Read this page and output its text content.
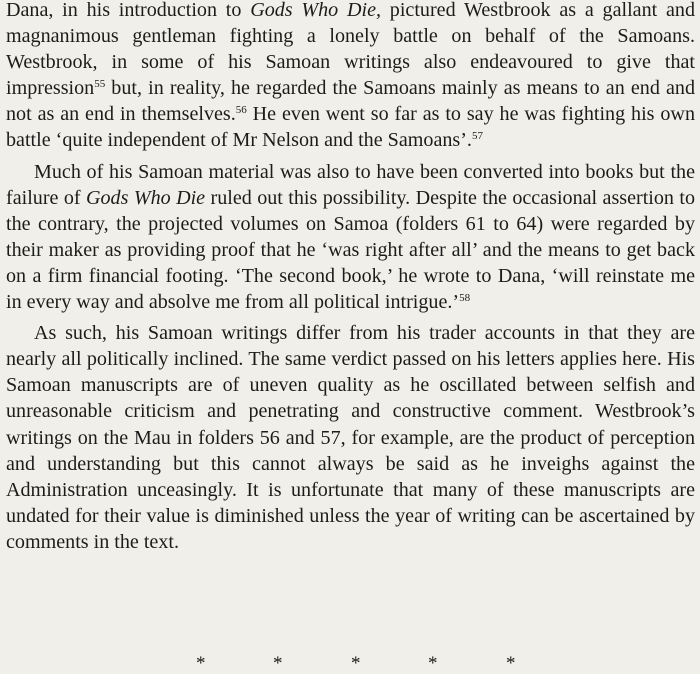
Dana, in his introduction to Gods Who Die, pictured Westbrook as a gallant and magnanimous gentleman fighting a lonely battle on behalf of the Samoans. Westbrook, in some of his Samoan writings also endeavoured to give that impression$^{55}$ but, in reality, he regarded the Samoans mainly as means to an end and not as an end in themselves.$^{56}$ He even went so far as to say he was fighting his own battle ‘quite independent of Mr Nelson and the Samoans’.$^{57}$

Much of his Samoan material was also to have been converted into books but the failure of Gods Who Die ruled out this possibility. Despite the occasional assertion to the contrary, the projected volumes on Samoa (folders 61 to 64) were regarded by their maker as providing proof that he ‘was right after all’ and the means to get back on a firm financial footing. ‘The second book,’ he wrote to Dana, ‘will reinstate me in every way and absolve me from all political intrigue.’$^{58}$

As such, his Samoan writings differ from his trader accounts in that they are nearly all politically inclined. The same verdict passed on his letters applies here. His Samoan manuscripts are of uneven quality as he oscillated between selfish and unreasonable criticism and penetrating and constructive comment. Westbrook’s writings on the Mau in folders 56 and 57, for example, are the product of perception and understanding but this cannot always be said as he inveighs against the Administration unceasingly. It is unfortunate that many of these manuscripts are undated for their value is diminished unless the year of writing can be ascertained by comments in the text.

*	*	*	*	*
